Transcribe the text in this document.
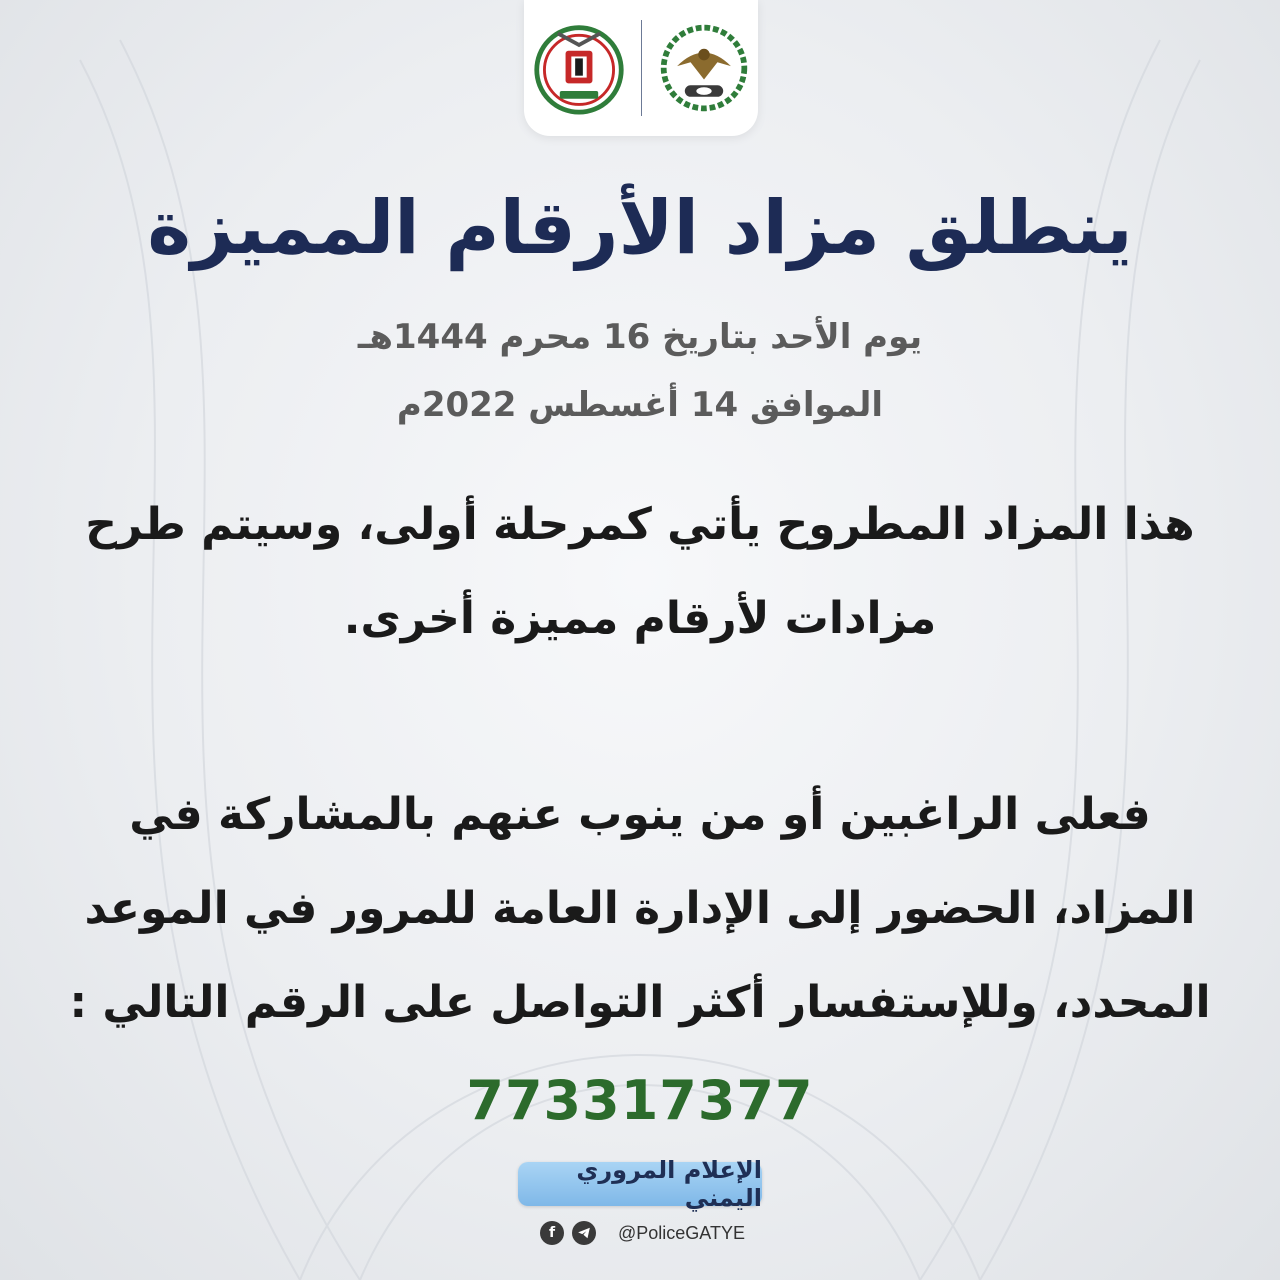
ينطلق مزاد الأرقام المميزة

يوم الأحد بتاريخ 16 محرم 1444هـ

الموافق 14 أغسطس 2022م

هذا المزاد المطروح يأتي كمرحلة أولى، وسيتم طرح مزادات لأرقام مميزة أخرى.

فعلى الراغبين أو من ينوب عنهم بالمشاركة في المزاد، الحضور إلى الإدارة العامة للمرور في الموعد المحدد، وللإستفسار أكثر التواصل على الرقم التالي :

773317377

الإعلام المروري اليمني
f	@PoliceGATYE
